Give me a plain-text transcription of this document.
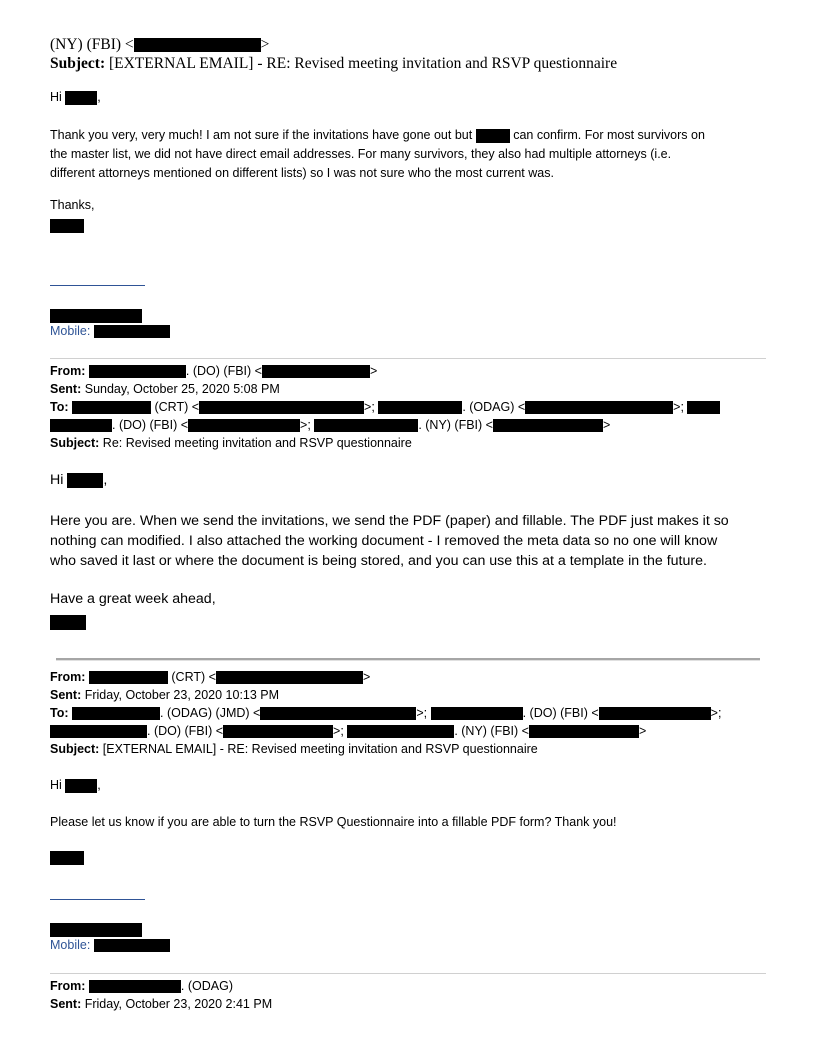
(NY) (FBI) <	>
Subject: [EXTERNAL EMAIL] - RE: Revised meeting invitation and RSVP questionnaire
Hi	,
Thank you very, very much! I am not sure if the invitations have gone out but	can confirm. For most survivors on
the master list, we did not have direct email addresses. For many survivors, they also had multiple attorneys (i.e.
different attorneys mentioned on different lists) so I was not sure who the most current was.
Thanks,
Mobile:
From:	. (DO) (FBI) <	>
Sent: Sunday, October 25, 2020 5:08 PM
To:	(CRT) <	>;	. (ODAG) <	>;
. (DO) (FBI) <	>;	. (NY) (FBI) <	>
Subject: Re: Revised meeting invitation and RSVP questionnaire
Hi	,
Here you are. When we send the invitations, we send the PDF (paper) and fillable. The PDF just makes it so
nothing can modified. I also attached the working document - I removed the meta data so no one will know
who saved it last or where the document is being stored, and you can use this at a template in the future.
Have a great week ahead,
From:	(CRT) <	>
Sent: Friday, October 23, 2020 10:13 PM
To:	. (ODAG) (JMD) <	>;	. (DO) (FBI) <	>;
. (DO) (FBI) <	>;	. (NY) (FBI) <	>
Subject: [EXTERNAL EMAIL] - RE: Revised meeting invitation and RSVP questionnaire
Hi	,
Please let us know if you are able to turn the RSVP Questionnaire into a fillable PDF form? Thank you!
Mobile:
From:	. (ODAG)
Sent: Friday, October 23, 2020 2:41 PM
